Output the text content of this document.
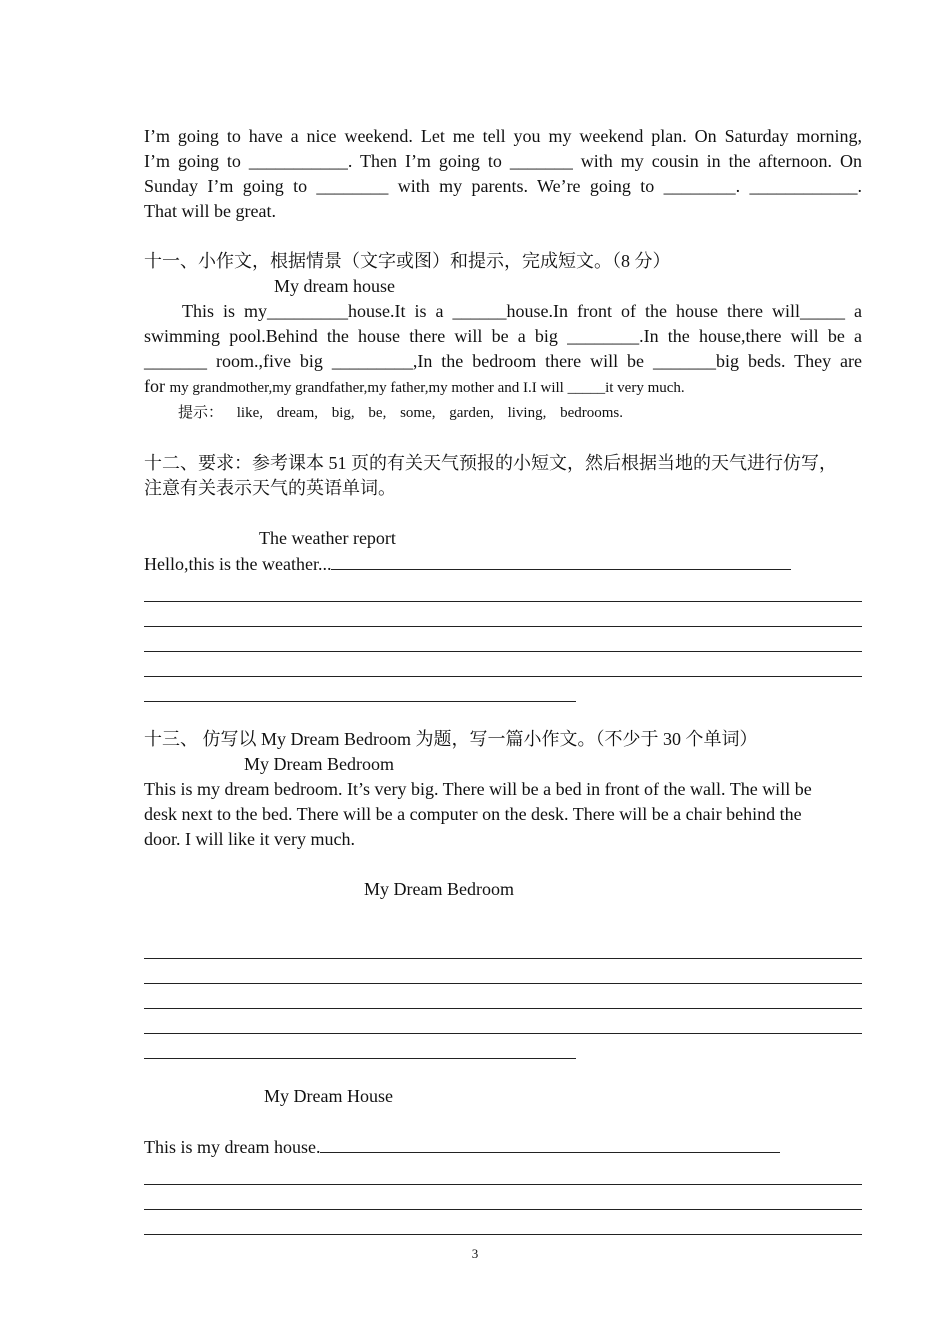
I’m going to have a nice weekend. Let me tell you my weekend plan. On Saturday morning,

I’m going to ___________. Then I’m going to _______ with my cousin in the afternoon. On

Sunday I’m going to ________ with my parents. We’re going to ________. ____________.

That will be great.

十一、小作文，根据情景（文字或图）和提示，完成短文。（8 分）

My dream house

This is my_________house.It is a ______house.In front of the house there will_____ a

swimming pool.Behind the house there will be a big ________.In the house,there will be a

_______ room.,five big _________,In the bedroom there will be _______big beds. They are

for my grandmother,my grandfather,my father,my mother and I.I will _____it very much.

提示： like, dream, big, be, some, garden, living, bedrooms.

十二、要求：参考课本 51 页的有关天气预报的小短文，然后根据当地的天气进行仿写，

注意有关表示天气的英语单词。

The weather report

Hello,this is the weather...

十三、 仿写以 My Dream Bedroom 为题，写一篇小作文。（不少于 30 个单词）

My Dream Bedroom

This is my dream bedroom. It’s very big. There will be a bed in front of the wall. The will be

desk next to the bed. There will be a computer on the desk. There will be a chair behind the

door. I will like it very much.

My Dream Bedroom

My Dream House

This is my dream house.

3
